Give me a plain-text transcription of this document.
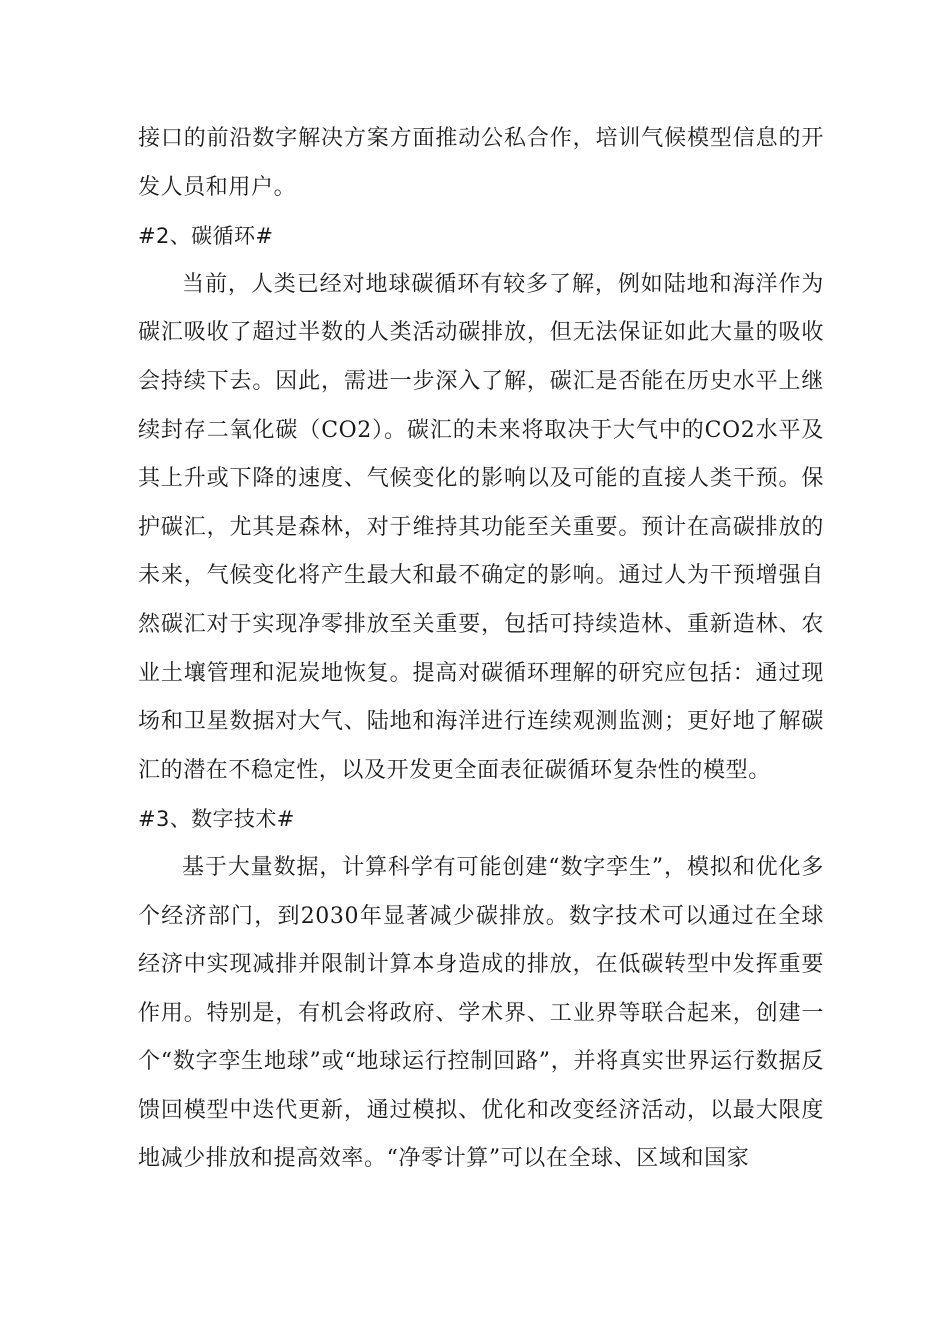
接口的前沿数字解决方案方面推动公私合作，培训气候模型信息的开发人员和用户。

#2、碳循环#

当前，人类已经对地球碳循环有较多了解，例如陆地和海洋作为碳汇吸收了超过半数的人类活动碳排放，但无法保证如此大量的吸收会持续下去。因此，需进一步深入了解，碳汇是否能在历史水平上继续封存二氧化碳（CO2）。碳汇的未来将取决于大气中的CO2水平及其上升或下降的速度、气候变化的影响以及可能的直接人类干预。保护碳汇，尤其是森林，对于维持其功能至关重要。预计在高碳排放的未来，气候变化将产生最大和最不确定的影响。通过人为干预增强自然碳汇对于实现净零排放至关重要，包括可持续造林、重新造林、农业土壤管理和泥炭地恢复。提高对碳循环理解的研究应包括：通过现场和卫星数据对大气、陆地和海洋进行连续观测监测；更好地了解碳汇的潜在不稳定性，以及开发更全面表征碳循环复杂性的模型。

#3、数字技术#

基于大量数据，计算科学有可能创建“数字孪生”，模拟和优化多个经济部门，到2030年显著减少碳排放。数字技术可以通过在全球经济中实现减排并限制计算本身造成的排放，在低碳转型中发挥重要作用。特别是，有机会将政府、学术界、工业界等联合起来，创建一个“数字孪生地球”或“地球运行控制回路”，并将真实世界运行数据反馈回模型中迭代更新，通过模拟、优化和改变经济活动，以最大限度地减少排放和提高效率。“净零计算”可以在全球、区域和国家
